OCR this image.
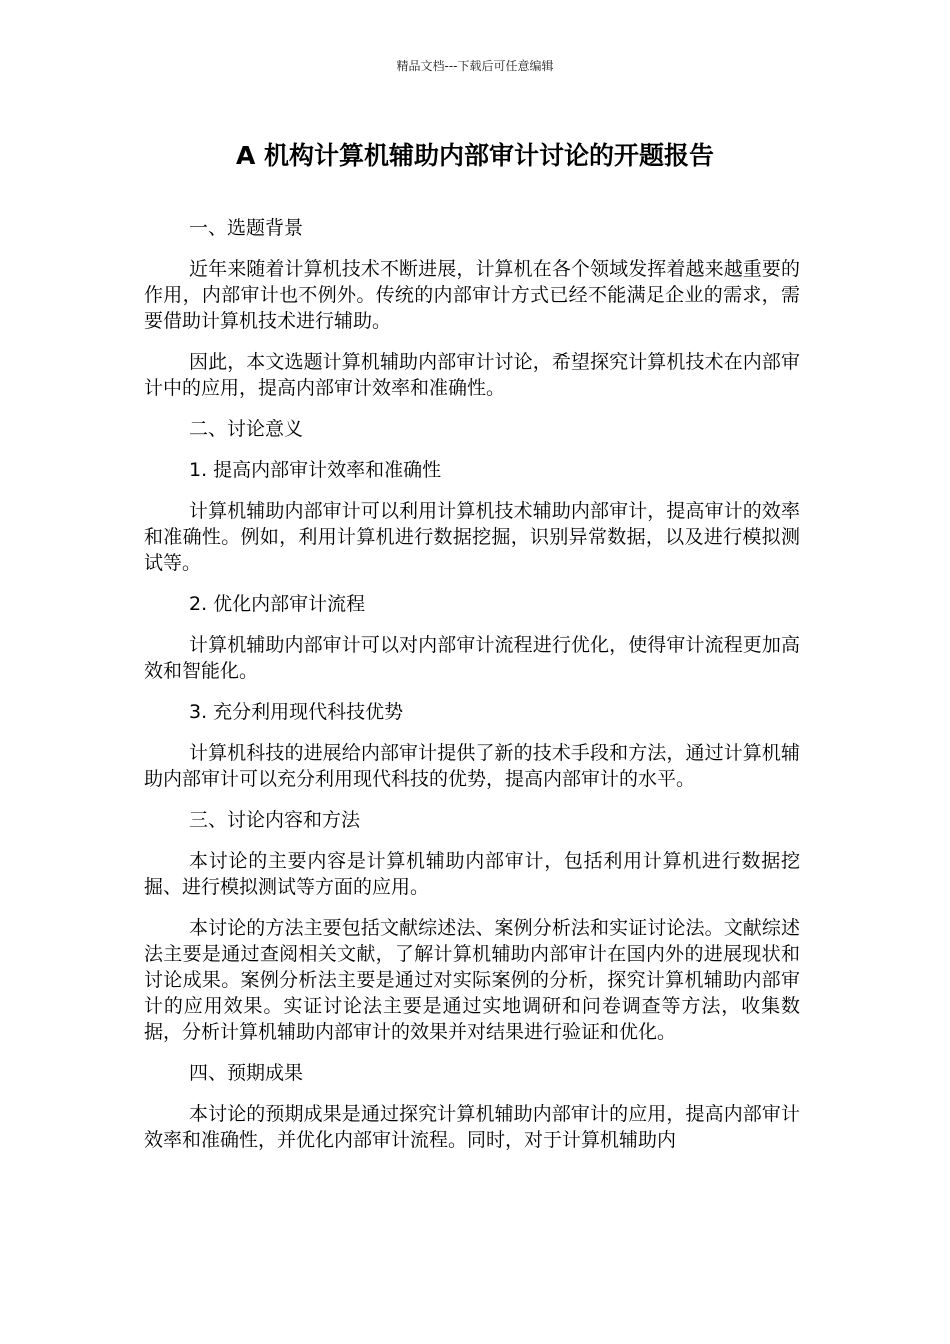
精品文档---下载后可任意编辑
A 机构计算机辅助内部审计讨论的开题报告

一、选题背景

近年来随着计算机技术不断进展，计算机在各个领域发挥着越来越重要的作用，内部审计也不例外。传统的内部审计方式已经不能满足企业的需求，需要借助计算机技术进行辅助。

因此，本文选题计算机辅助内部审计讨论，希望探究计算机技术在内部审计中的应用，提高内部审计效率和准确性。

二、讨论意义

1. 提高内部审计效率和准确性

计算机辅助内部审计可以利用计算机技术辅助内部审计，提高审计的效率和准确性。例如，利用计算机进行数据挖掘，识别异常数据，以及进行模拟测试等。

2. 优化内部审计流程

计算机辅助内部审计可以对内部审计流程进行优化，使得审计流程更加高效和智能化。

3. 充分利用现代科技优势

计算机科技的进展给内部审计提供了新的技术手段和方法，通过计算机辅助内部审计可以充分利用现代科技的优势，提高内部审计的水平。

三、讨论内容和方法

本讨论的主要内容是计算机辅助内部审计，包括利用计算机进行数据挖掘、进行模拟测试等方面的应用。

本讨论的方法主要包括文献综述法、案例分析法和实证讨论法。文献综述法主要是通过查阅相关文献，了解计算机辅助内部审计在国内外的进展现状和讨论成果。案例分析法主要是通过对实际案例的分析，探究计算机辅助内部审计的应用效果。实证讨论法主要是通过实地调研和问卷调查等方法，收集数据，分析计算机辅助内部审计的效果并对结果进行验证和优化。

四、预期成果

本讨论的预期成果是通过探究计算机辅助内部审计的应用，提高内部审计效率和准确性，并优化内部审计流程。同时，对于计算机辅助内
